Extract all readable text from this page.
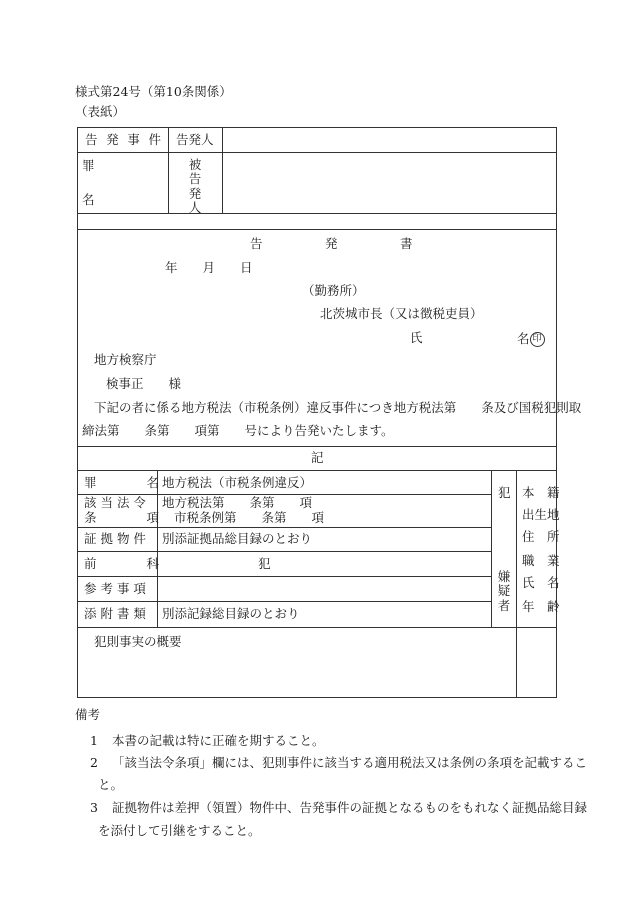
様式第24号（第10条関係）
（表紙）
告 発 事 件 告発人
罪
名
被告発人
告　　　　　発　　　　　書
年　　月　　日
（勤務所）
北茨城市長（又は徴税吏員）
氏	名 印
地方検察庁
検事正　　様
下記の者に係る地方税法（市税条例）違反事件につき地方税法第　　条及び国税犯則取
締法第　　条第　　項第　　号により告発いたします。
記
罪　　　　名 地方税法（市税条例違反）
該 当 法 令
条　　　　項
地方税法第　　条第　　項
市税条例第　　条第　　項
証 拠 物 件 別添証拠品総目録のとおり
前　　　　科	犯
参 考 事 項
添 附 書 類 別添記録総目録のとおり
犯
嫌疑者
本　籍
出生地
住　所
職　業
氏　名
年　齢
犯則事実の概要
備考
1 本書の記載は特に正確を期すること。
2 「該当法令条項」欄には、犯則事件に該当する適用税法又は条例の条項を記載するこ
と。
3 証拠物件は差押（領置）物件中、告発事件の証拠となるものをもれなく証拠品総目録
を添付して引継をすること。
